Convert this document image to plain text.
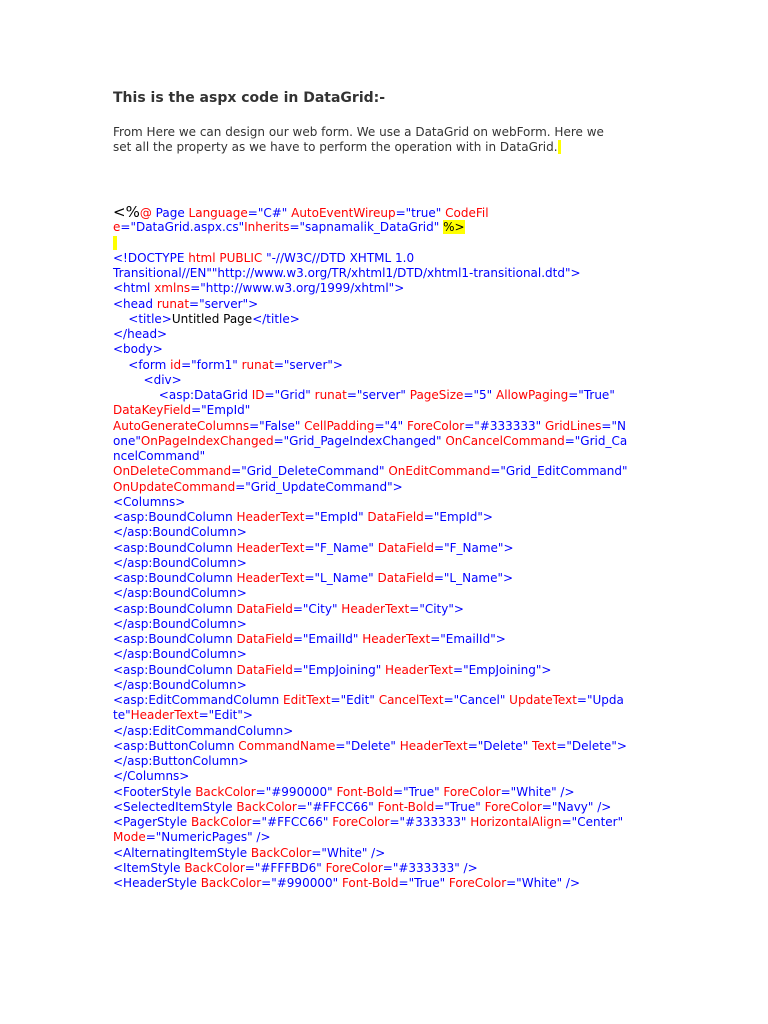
This is the aspx code in DataGrid:-
From Here we can design our web form. We use a DataGrid on webForm. Here we
set all the property as we have to perform the operation with in DataGrid.
<%@ Page Language="C#" AutoEventWireup="true" CodeFil
e="DataGrid.aspx.cs"Inherits="sapnamalik_DataGrid" %>

<!DOCTYPE html PUBLIC "-//W3C//DTD XHTML 1.0
Transitional//EN""http://www.w3.org/TR/xhtml1/DTD/xhtml1-transitional.dtd">
<html xmlns="http://www.w3.org/1999/xhtml">
<head runat="server">
<title>Untitled Page</title>
</head>
<body>
<form id="form1" runat="server">
<div>
<asp:DataGrid ID="Grid" runat="server" PageSize="5" AllowPaging="True"
DataKeyField="EmpId"
AutoGenerateColumns="False" CellPadding="4" ForeColor="#333333" GridLines="N
one"OnPageIndexChanged="Grid_PageIndexChanged" OnCancelCommand="Grid_Ca
ncelCommand"
OnDeleteCommand="Grid_DeleteCommand" OnEditCommand="Grid_EditCommand"
OnUpdateCommand="Grid_UpdateCommand">
<Columns>
<asp:BoundColumn HeaderText="EmpId" DataField="EmpId">
</asp:BoundColumn>
<asp:BoundColumn HeaderText="F_Name" DataField="F_Name">
</asp:BoundColumn>
<asp:BoundColumn HeaderText="L_Name" DataField="L_Name">
</asp:BoundColumn>
<asp:BoundColumn DataField="City" HeaderText="City">
</asp:BoundColumn>
<asp:BoundColumn DataField="EmailId" HeaderText="EmailId">
</asp:BoundColumn>
<asp:BoundColumn DataField="EmpJoining" HeaderText="EmpJoining">
</asp:BoundColumn>
<asp:EditCommandColumn EditText="Edit" CancelText="Cancel" UpdateText="Upda
te"HeaderText="Edit">
</asp:EditCommandColumn>
<asp:ButtonColumn CommandName="Delete" HeaderText="Delete" Text="Delete">
</asp:ButtonColumn>
</Columns>
<FooterStyle BackColor="#990000" Font-Bold="True" ForeColor="White" />
<SelectedItemStyle BackColor="#FFCC66" Font-Bold="True" ForeColor="Navy" />
<PagerStyle BackColor="#FFCC66" ForeColor="#333333" HorizontalAlign="Center"
Mode="NumericPages" />
<AlternatingItemStyle BackColor="White" />
<ItemStyle BackColor="#FFFBD6" ForeColor="#333333" />
<HeaderStyle BackColor="#990000" Font-Bold="True" ForeColor="White" />
